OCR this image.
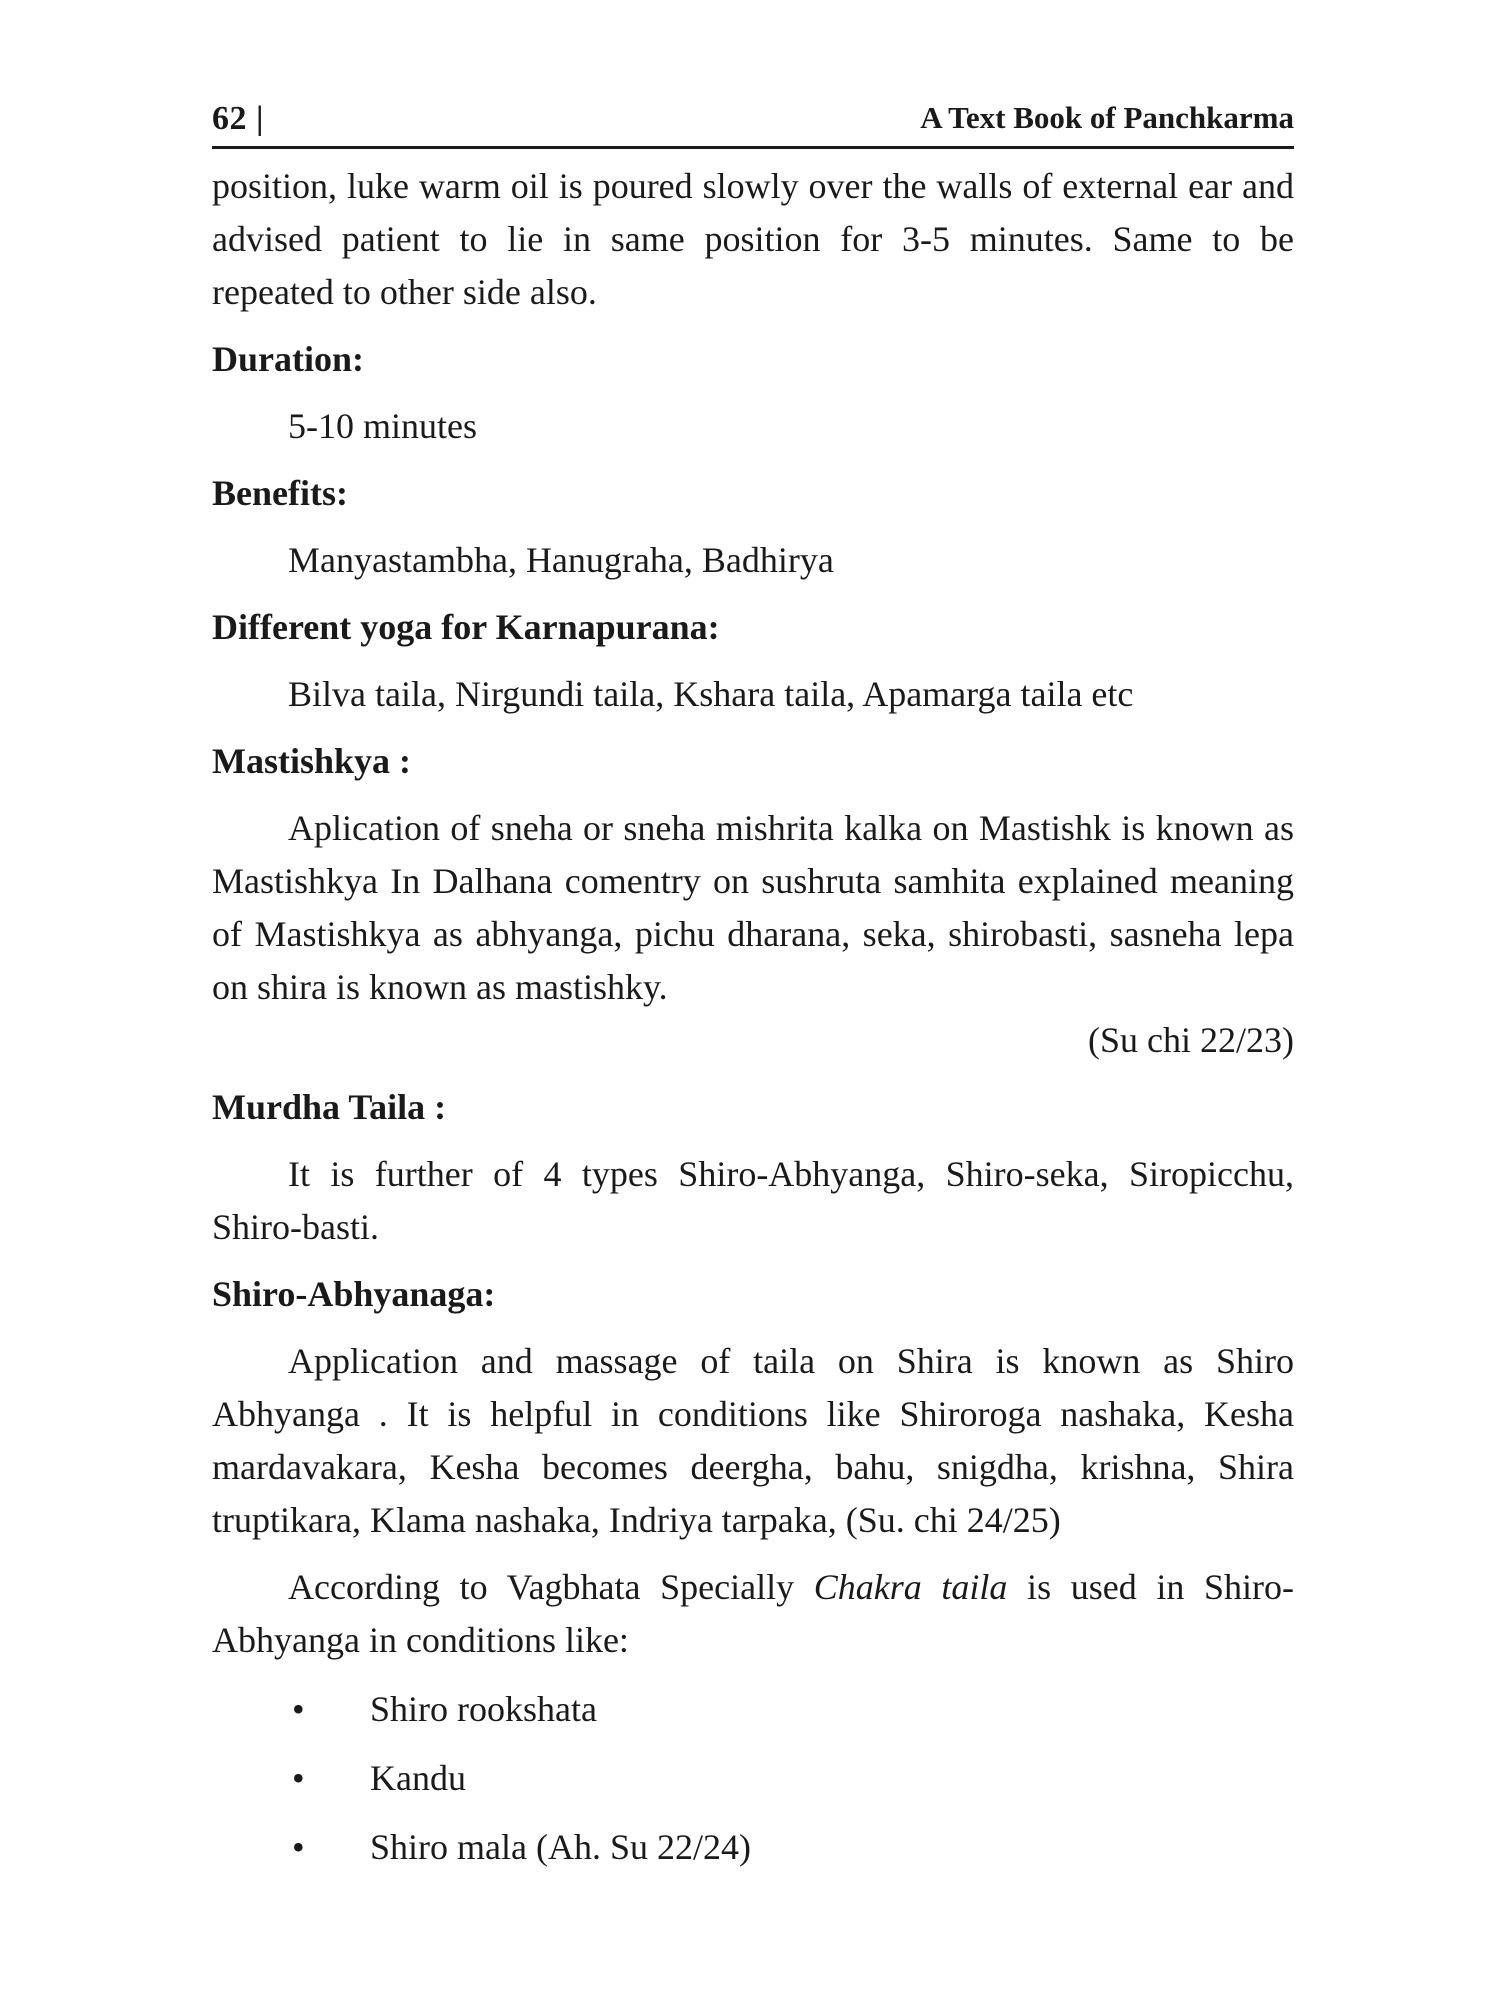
62 |	A Text Book of Panchkarma

position, luke warm oil is poured slowly over the walls of external ear and advised patient to lie in same position for 3-5 minutes. Same to be repeated to other side also.

Duration:

5-10 minutes

Benefits:

Manyastambha, Hanugraha, Badhirya

Different yoga for Karnapurana:

Bilva taila, Nirgundi taila, Kshara taila, Apamarga taila etc

Mastishkya :

Aplication of sneha or sneha mishrita kalka on Mastishk is known as Mastishkya In Dalhana comentry on sushruta samhita explained meaning of Mastishkya as abhyanga, pichu dharana, seka, shirobasti, sasneha lepa on shira is known as mastishky.

(Su chi 22/23)

Murdha Taila :

It is further of 4 types Shiro-Abhyanga, Shiro-seka, Siropicchu, Shiro-basti.

Shiro-Abhyanaga:

Application and massage of taila on Shira is known as Shiro Abhyanga . It is helpful in conditions like Shiroroga nashaka, Kesha mardavakara, Kesha becomes deergha, bahu, snigdha, krishna, Shira truptikara, Klama nashaka, Indriya tarpaka, (Su. chi 24/25)

According to Vagbhata Specially Chakra taila is used in Shiro-Abhyanga in conditions like:

• Shiro rookshata
• Kandu
• Shiro mala (Ah. Su 22/24)
